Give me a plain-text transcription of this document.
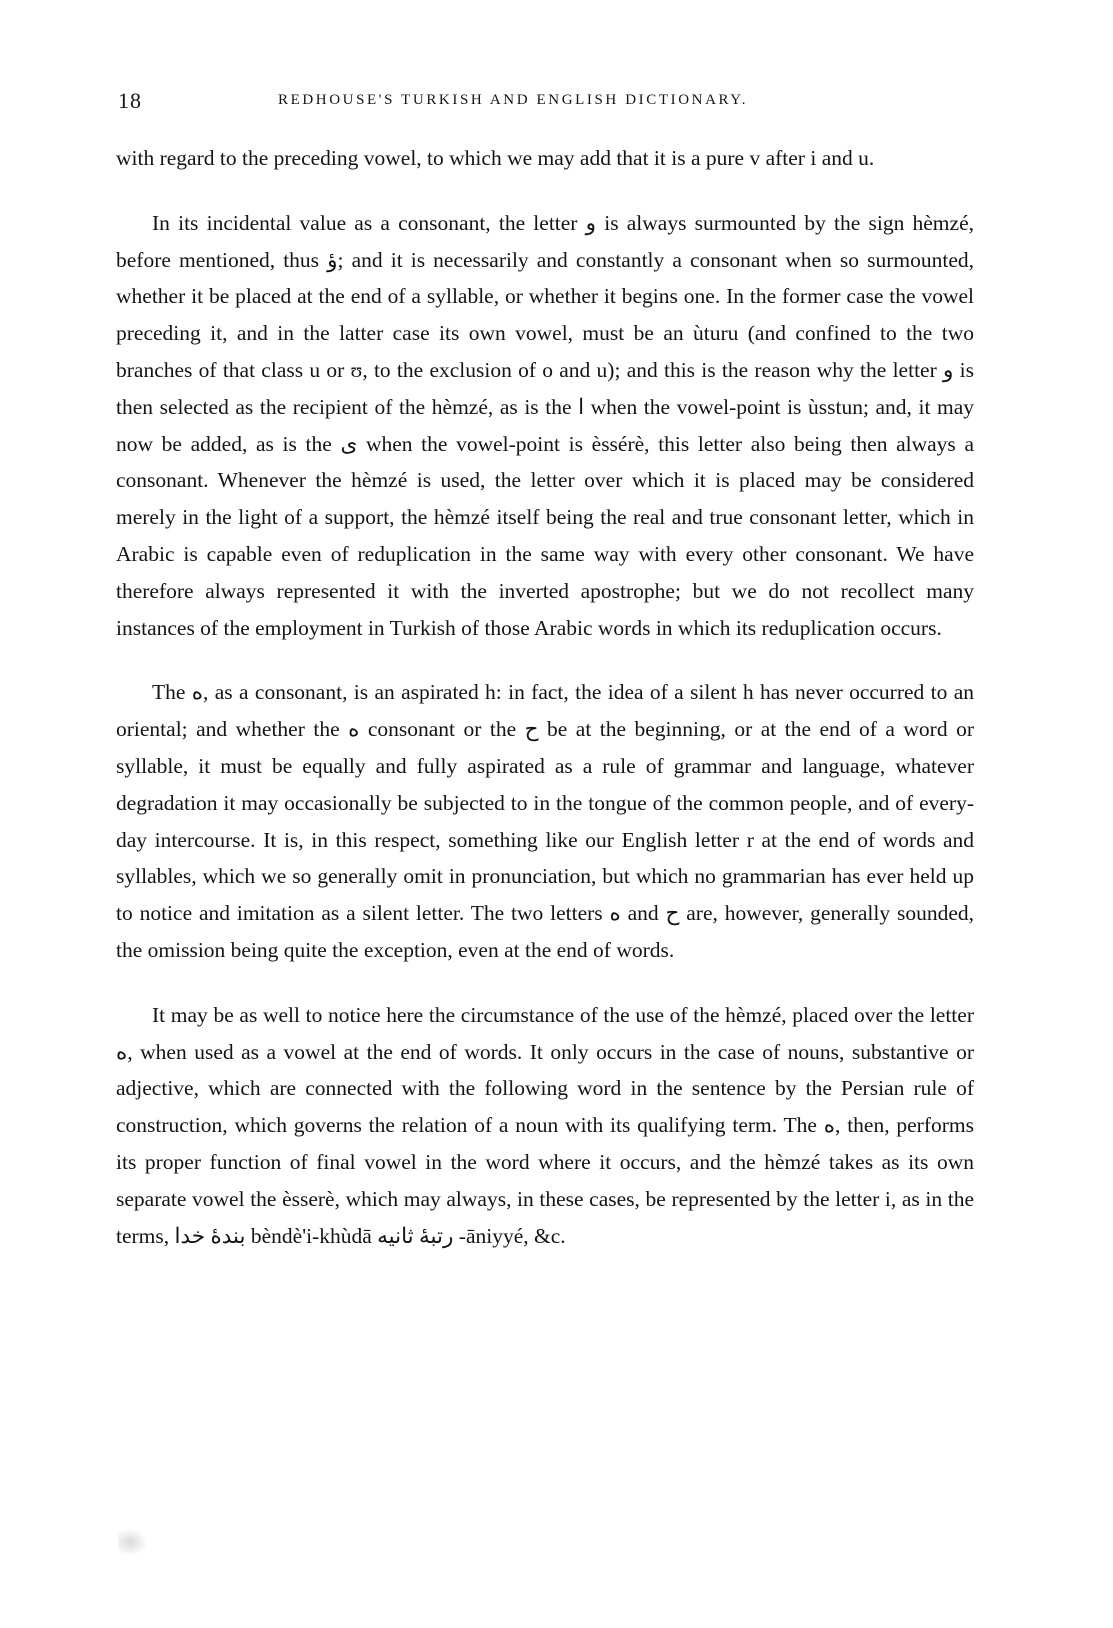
18	REDHOUSE'S TURKISH AND ENGLISH DICTIONARY.

with regard to the preceding vowel, to which we may add that it is a pure v after i and u.

In its incidental value as a consonant, the letter و is always surmounted by the sign hèmzé, before mentioned, thus ؤ; and it is necessarily and constantly a consonant when so surmounted, whether it be placed at the end of a syllable, or whether it begins one. In the former case the vowel preceding it, and in the latter case its own vowel, must be an ùturu (and confined to the two branches of that class u or ʊ, to the exclusion of o and u); and this is the reason why the letter و is then selected as the recipient of the hèmzé, as is the ا when the vowel-point is ùsstun; and, it may now be added, as is the ی when the vowel-point is èssérè, this letter also being then always a consonant. Whenever the hèmzé is used, the letter over which it is placed may be considered merely in the light of a support, the hèmzé itself being the real and true consonant letter, which in Arabic is capable even of reduplication in the same way with every other consonant. We have therefore always represented it with the inverted apostrophe; but we do not recollect many instances of the employment in Turkish of those Arabic words in which its reduplication occurs.

The ه, as a consonant, is an aspirated h: in fact, the idea of a silent h has never occurred to an oriental; and whether the ه consonant or the ح be at the beginning, or at the end of a word or syllable, it must be equally and fully aspirated as a rule of grammar and language, whatever degradation it may occasionally be subjected to in the tongue of the common people, and of every-day intercourse. It is, in this respect, something like our English letter r at the end of words and syllables, which we so generally omit in pronunciation, but which no grammarian has ever held up to notice and imitation as a silent letter. The two letters ه and ح are, however, generally sounded, the omission being quite the exception, even at the end of words.

It may be as well to notice here the circumstance of the use of the hèmzé, placed over the letter ه, when used as a vowel at the end of words. It only occurs in the case of nouns, substantive or adjective, which are connected with the following word in the sentence by the Persian rule of construction, which governs the relation of a noun with its qualifying term. The ه, then, performs its proper function of final vowel in the word where it occurs, and the hèmzé takes as its own separate vowel the èsserè, which may always, in these cases, be represented by the letter i, as in the terms, بندۀ خدا bèndè'i-khùdā رتبۀ ثانیه -āniyyé, &c.
